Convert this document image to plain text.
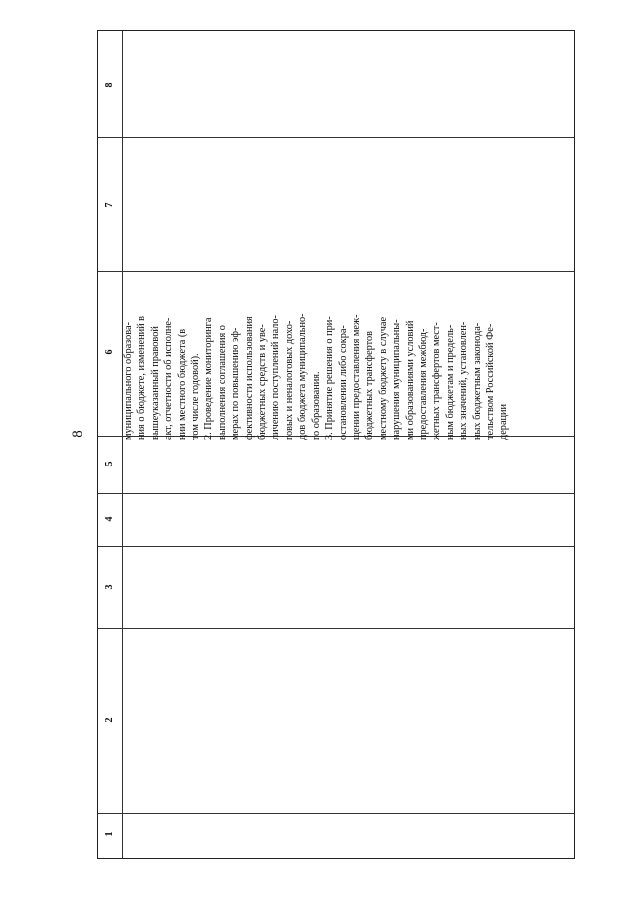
8
8
7
6
5
4
3
2
1
муниципального образова- ния о бюджете, изменений в вышеуказанный правовой акт, отчетности об исполне- нии местного бюджета (в том числе годовой). 2. Проведение мониторинга выполнения соглашения о мерах по повышению эф- фективности использования бюджетных средств и уве- личению поступлений нало- говых и неналоговых дохо- дов бюджета муниципально- го образования. 3. Принятие решения о при- остановлении либо сокра- щении предоставления меж- бюджетных трансфертов местному бюджету в случае нарушения муниципальны- ми образованиями условий предоставления межбюд- жетных трансфертов мест- ным бюджетам и предель- ных значений, установлен- ных бюджетным законода- тельством Российской Фе- дерации
